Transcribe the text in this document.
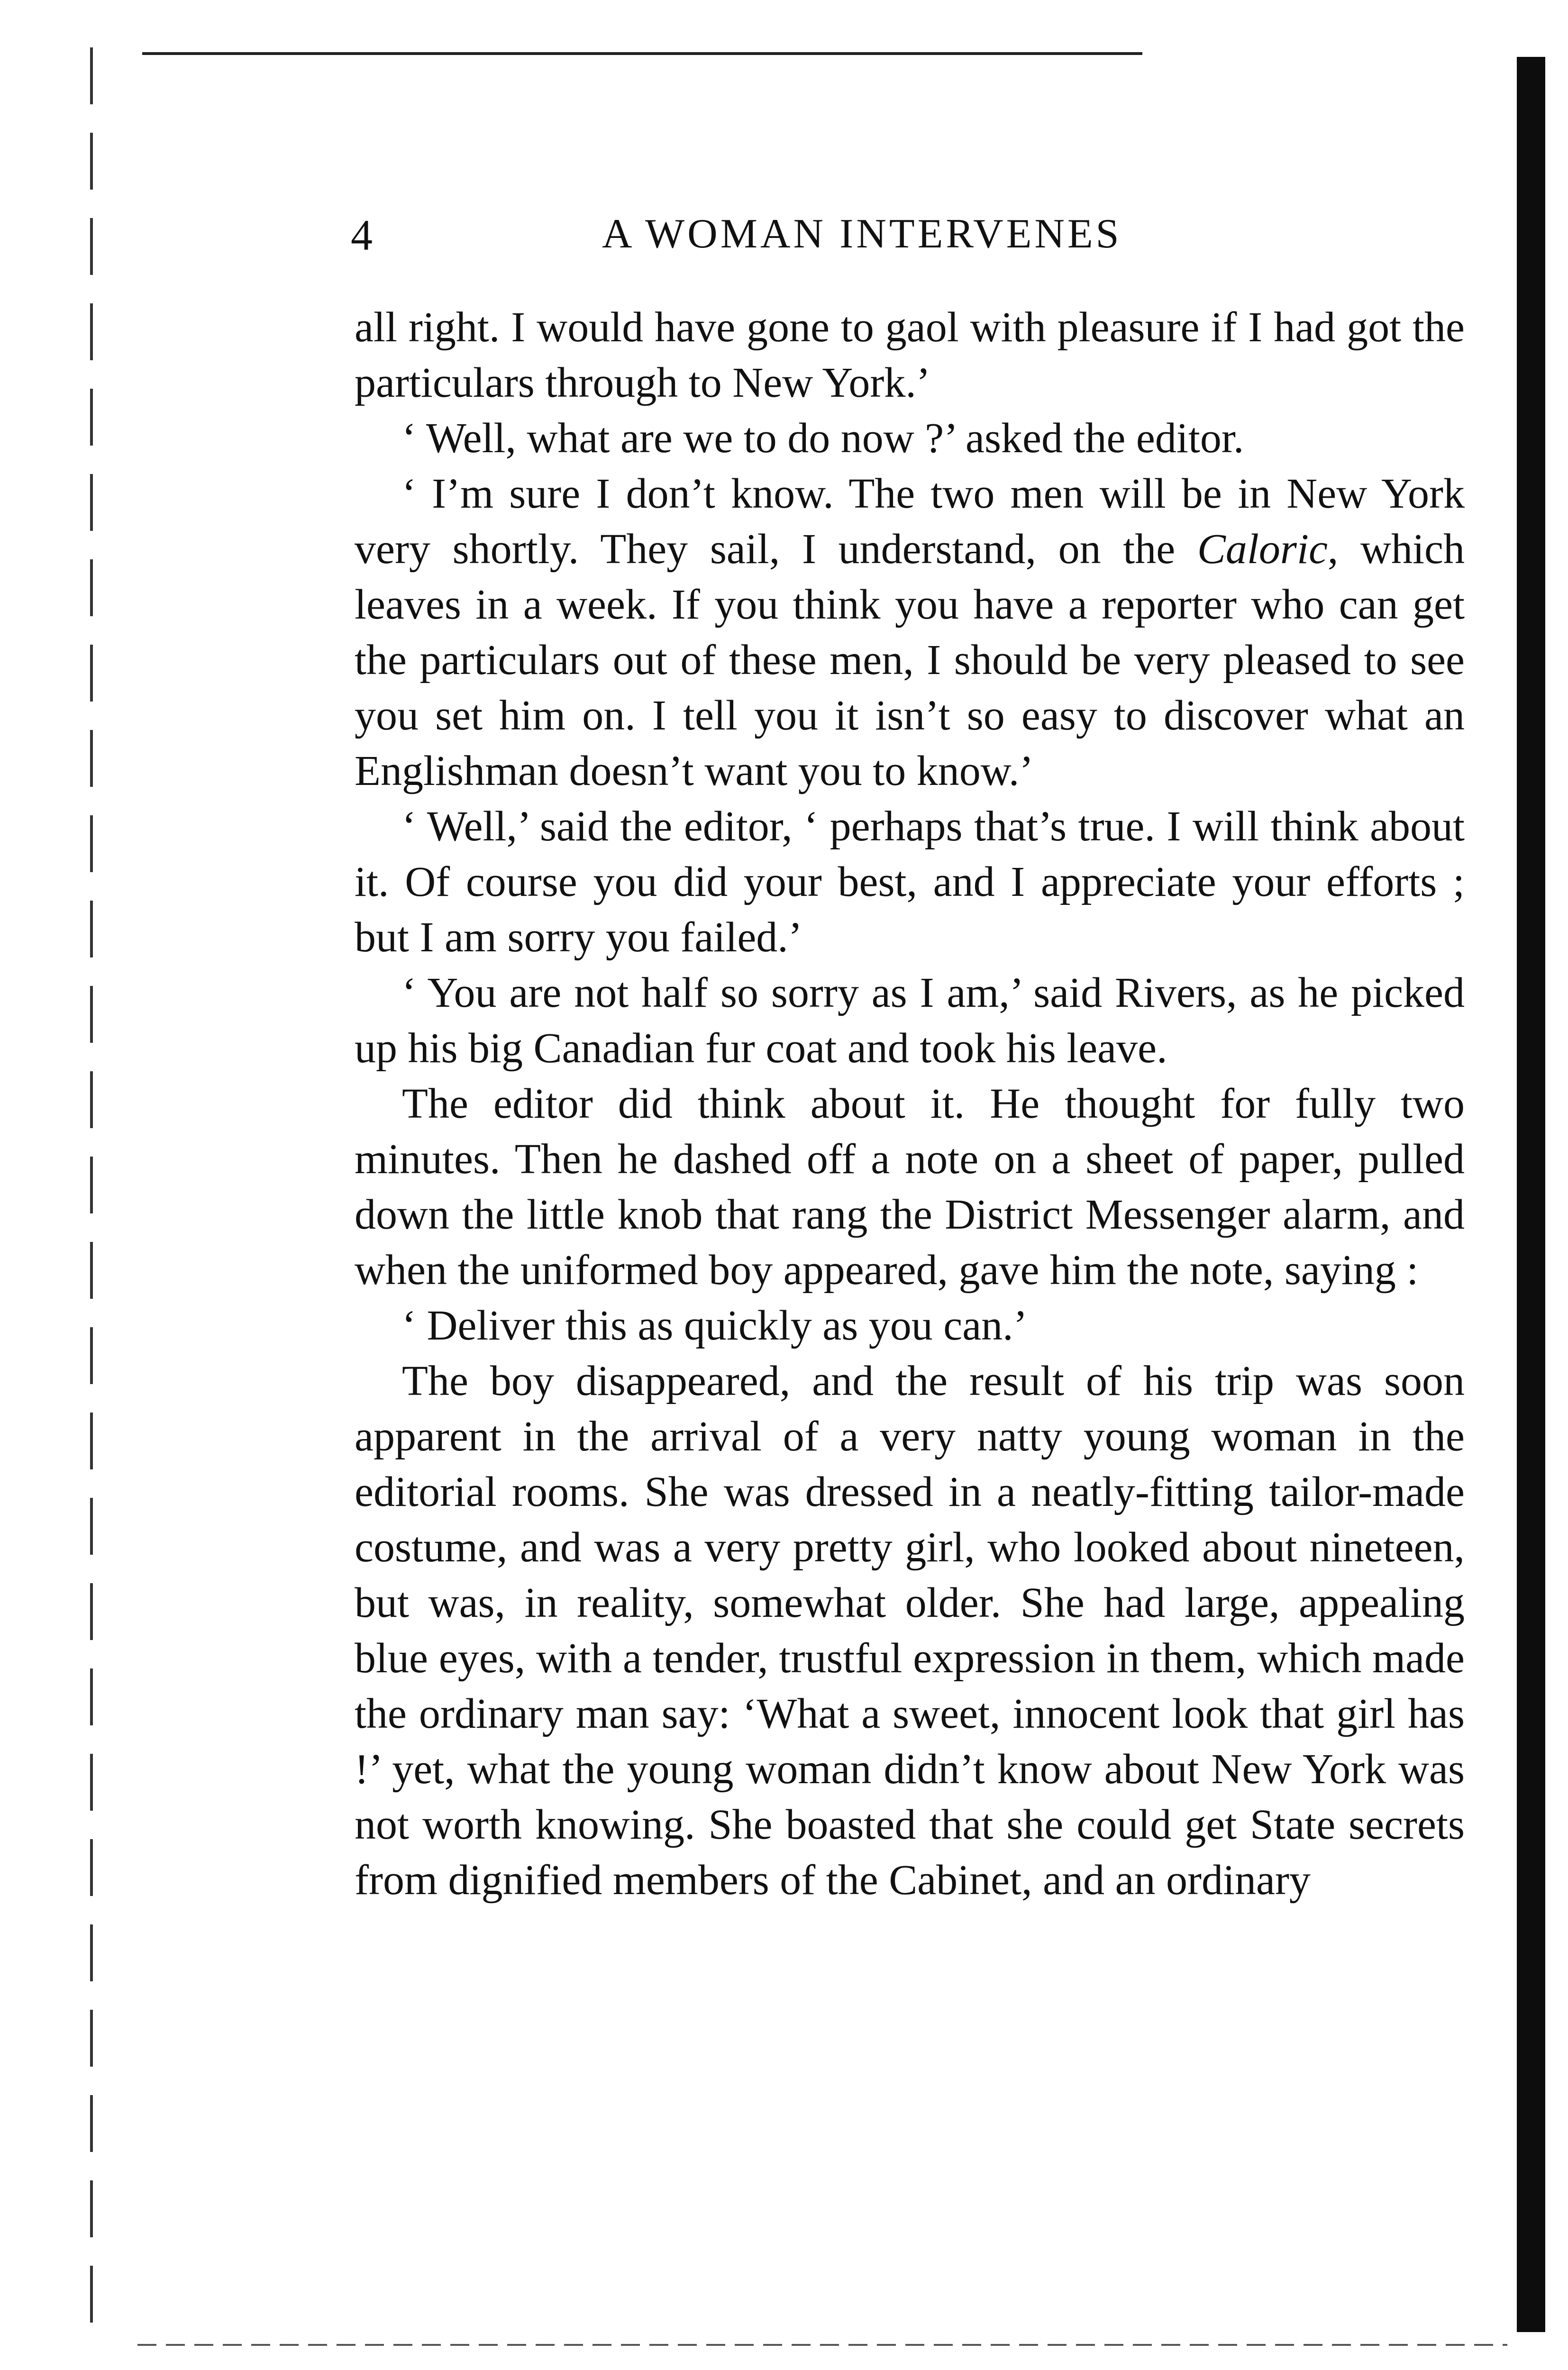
4	A WOMAN INTERVENES

all right. I would have gone to gaol with pleasure if I had got the particulars through to New York.’

‘ Well, what are we to do now ?’ asked the editor.

‘ I’m sure I don’t know. The two men will be in New York very shortly. They sail, I understand, on the Caloric, which leaves in a week. If you think you have a reporter who can get the particulars out of these men, I should be very pleased to see you set him on. I tell you it isn’t so easy to discover what an Englishman doesn’t want you to know.’

‘ Well,’ said the editor, ‘ perhaps that’s true. I will think about it. Of course you did your best, and I appreciate your efforts ; but I am sorry you failed.’

‘ You are not half so sorry as I am,’ said Rivers, as he picked up his big Canadian fur coat and took his leave.

The editor did think about it. He thought for fully two minutes. Then he dashed off a note on a sheet of paper, pulled down the little knob that rang the District Messenger alarm, and when the uniformed boy appeared, gave him the note, saying :

‘ Deliver this as quickly as you can.’

The boy disappeared, and the result of his trip was soon apparent in the arrival of a very natty young woman in the editorial rooms. She was dressed in a neatly-fitting tailor-made costume, and was a very pretty girl, who looked about nineteen, but was, in reality, somewhat older. She had large, appealing blue eyes, with a tender, trustful expression in them, which made the ordinary man say: ‘What a sweet, innocent look that girl has !’ yet, what the young woman didn’t know about New York was not worth knowing. She boasted that she could get State secrets from dignified members of the Cabinet, and an ordinary
